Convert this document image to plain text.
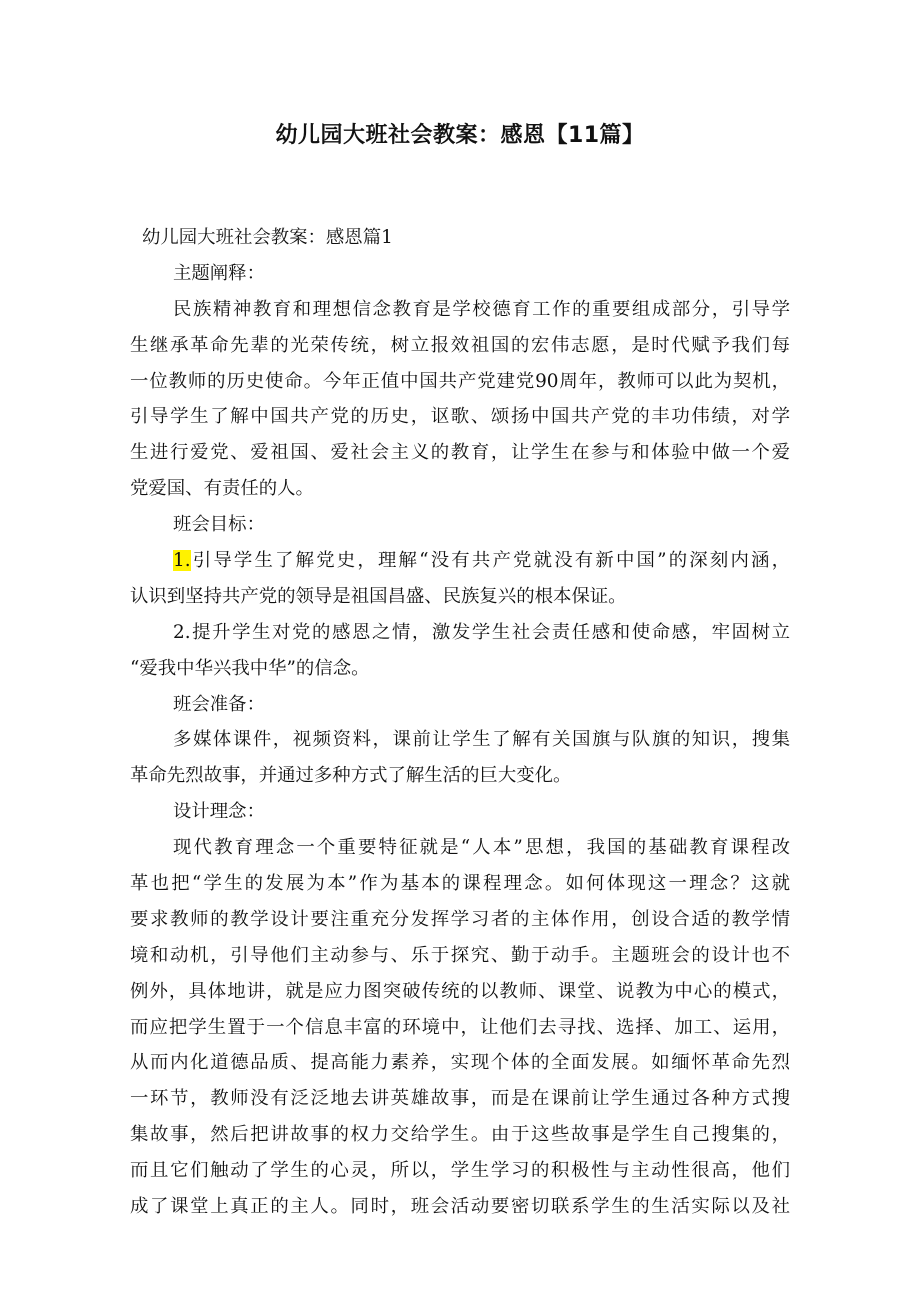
幼儿园大班社会教案：感恩【11篇】
幼儿园大班社会教案：感恩篇1
主题阐释：
民族精神教育和理想信念教育是学校德育工作的重要组成部分，引导学
生继承革命先辈的光荣传统，树立报效祖国的宏伟志愿，是时代赋予我们每
一位教师的历史使命。今年正值中国共产党建党90周年，教师可以此为契机，
引导学生了解中国共产党的历史，讴歌、颂扬中国共产党的丰功伟绩，对学
生进行爱党、爱祖国、爱社会主义的教育，让学生在参与和体验中做一个爱
党爱国、有责任的人。
班会目标：
1.引导学生了解党史，理解“没有共产党就没有新中国”的深刻内涵，
认识到坚持共产党的领导是祖国昌盛、民族复兴的根本保证。
2.提升学生对党的感恩之情，激发学生社会责任感和使命感，牢固树立
“爱我中华兴我中华”的信念。
班会准备：
多媒体课件，视频资料，课前让学生了解有关国旗与队旗的知识，搜集
革命先烈故事，并通过多种方式了解生活的巨大变化。
设计理念：
现代教育理念一个重要特征就是“人本”思想，我国的基础教育课程改
革也把“学生的发展为本”作为基本的课程理念。如何体现这一理念？这就
要求教师的教学设计要注重充分发挥学习者的主体作用，创设合适的教学情
境和动机，引导他们主动参与、乐于探究、勤于动手。主题班会的设计也不
例外，具体地讲，就是应力图突破传统的以教师、课堂、说教为中心的模式，
而应把学生置于一个信息丰富的环境中，让他们去寻找、选择、加工、运用，
从而内化道德品质、提高能力素养，实现个体的全面发展。如缅怀革命先烈
一环节，教师没有泛泛地去讲英雄故事，而是在课前让学生通过各种方式搜
集故事，然后把讲故事的权力交给学生。由于这些故事是学生自己搜集的，
而且它们触动了学生的心灵，所以，学生学习的积极性与主动性很高，他们
成了课堂上真正的主人。同时，班会活动要密切联系学生的生活实际以及社
